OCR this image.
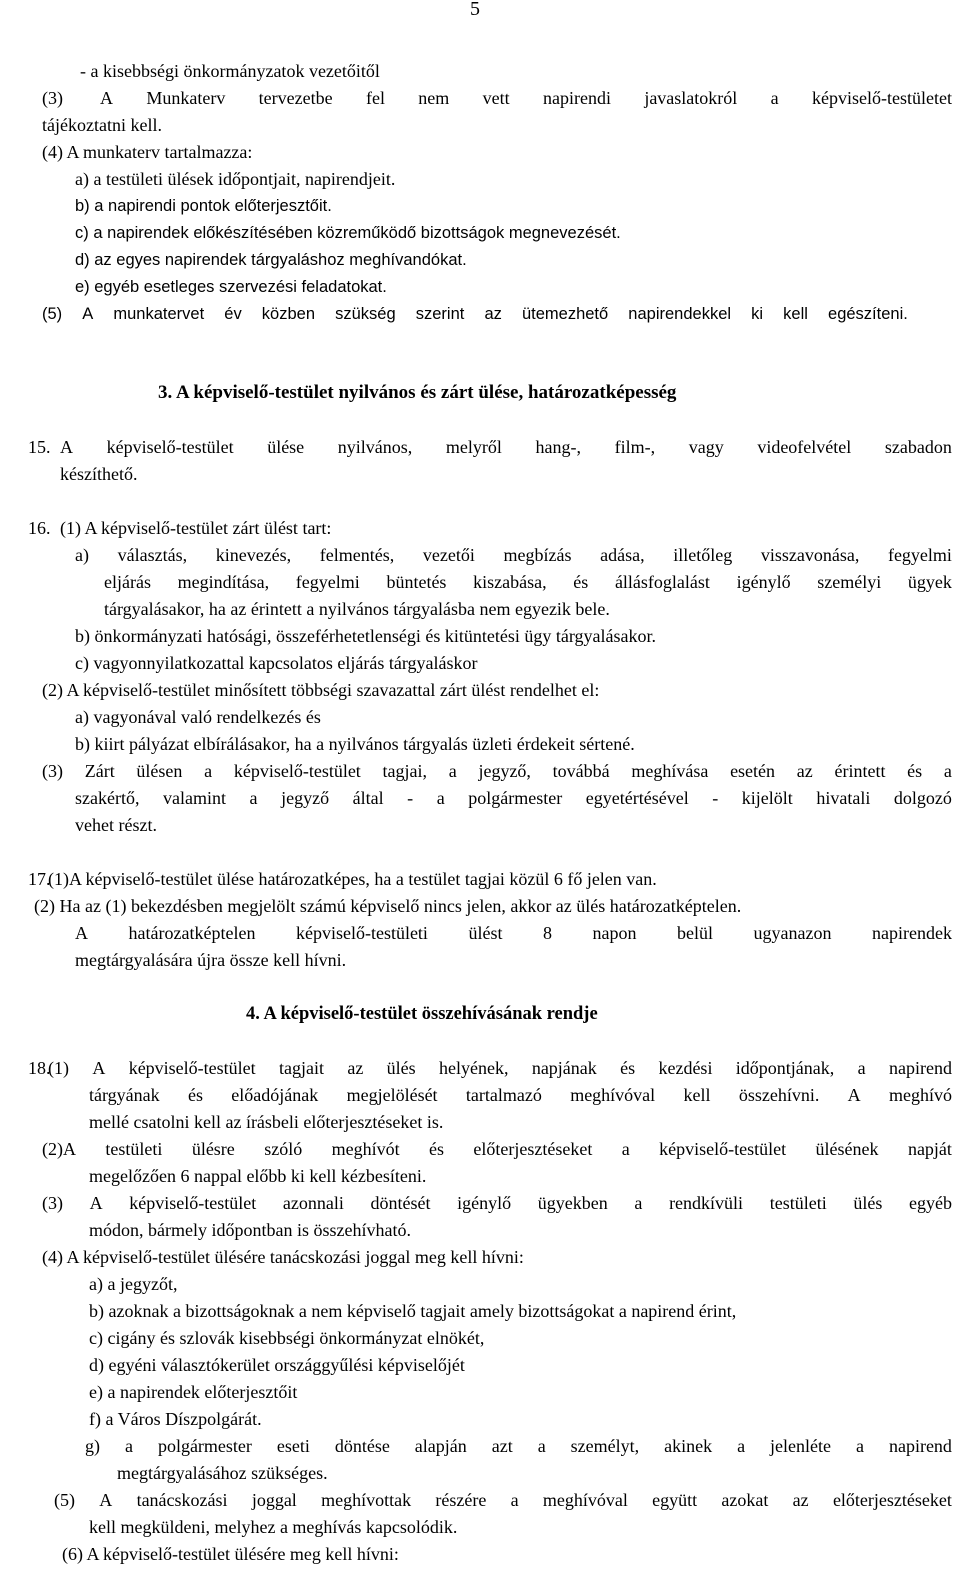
5
- a kisebbségi önkormányzatok vezetőitől
(3) A Munkaterv tervezetbe fel nem vett napirendi javaslatokról a képviselő-testületet
tájékoztatni kell.
(4) A munkaterv tartalmazza:
a) a testületi ülések időpontjait, napirendjeit.
b) a napirendi pontok előterjesztőit.
c) a napirendek előkészítésében közreműködő bizottságok megnevezését.
d) az egyes napirendek tárgyaláshoz meghívandókat.
e) egyéb esetleges szervezési feladatokat.
(5) A munkatervet év közben szükség szerint az ütemezhető napirendekkel ki kell egészíteni.
3. A képviselő-testület nyilvános és zárt ülése, határozatképesség
15. A képviselő-testület ülése nyilvános, melyről hang-, film-, vagy videofelvétel szabadon
készíthető.
16. (1) A képviselő-testület zárt ülést tart:
a) választás, kinevezés, felmentés, vezetői megbízás adása, illetőleg visszavonása, fegyelmi
eljárás megindítása, fegyelmi büntetés kiszabása, és állásfoglalást igénylő személyi ügyek
tárgyalásakor, ha az érintett a nyilvános tárgyalásba nem egyezik bele.
b) önkormányzati hatósági, összeférhetetlenségi és kitüntetési ügy tárgyalásakor.
c) vagyonnyilatkozattal kapcsolatos eljárás tárgyaláskor
(2) A képviselő-testület minősített többségi szavazattal zárt ülést rendelhet el:
a) vagyonával való rendelkezés és
b) kiirt pályázat elbírálásakor, ha a nyilvános tárgyalás üzleti érdekeit sértené.
(3) Zárt ülésen a képviselő-testület tagjai, a jegyző, továbbá meghívása esetén az érintett és a
szakértő, valamint a jegyző által - a polgármester egyetértésével - kijelölt hivatali dolgozó
vehet részt.
17.
(1)A képviselő-testület ülése határozatképes, ha a testület tagjai közül 6 fő jelen van.
(2) Ha az (1) bekezdésben megjelölt számú képviselő nincs jelen, akkor az ülés határozatképtelen.
A határozatképtelen képviselő-testületi ülést 8 napon belül ugyanazon napirendek
megtárgyalására újra össze kell hívni.
4. A képviselő-testület összehívásának rendje
18.
(1) A képviselő-testület tagjait az ülés helyének, napjának és kezdési időpontjának, a napirend
tárgyának és előadójának megjelölését tartalmazó meghívóval kell összehívni. A meghívó
mellé csatolni kell az írásbeli előterjesztéseket is.
(2)A testületi ülésre szóló meghívót és előterjesztéseket a képviselő-testület ülésének napját
megelőzően 6 nappal előbb ki kell kézbesíteni.
(3) A képviselő-testület azonnali döntését igénylő ügyekben a rendkívüli testületi ülés egyéb
módon, bármely időpontban is összehívható.
(4) A képviselő-testület ülésére tanácskozási joggal meg kell hívni:
a) a jegyzőt,
b) azoknak a bizottságoknak a nem képviselő tagjait amely bizottságokat a napirend érint,
c) cigány és szlovák kisebbségi önkormányzat elnökét,
d) egyéni választókerület országgyűlési képviselőjét
e) a napirendek előterjesztőit
f) a Város Díszpolgárát.
g) a polgármester eseti döntése alapján azt a személyt, akinek a jelenléte a napirend
megtárgyalásához szükséges.
(5) A tanácskozási joggal meghívottak részére a meghívóval együtt azokat az előterjesztéseket
kell megküldeni, melyhez a meghívás kapcsolódik.
(6) A képviselő-testület ülésére meg kell hívni:
